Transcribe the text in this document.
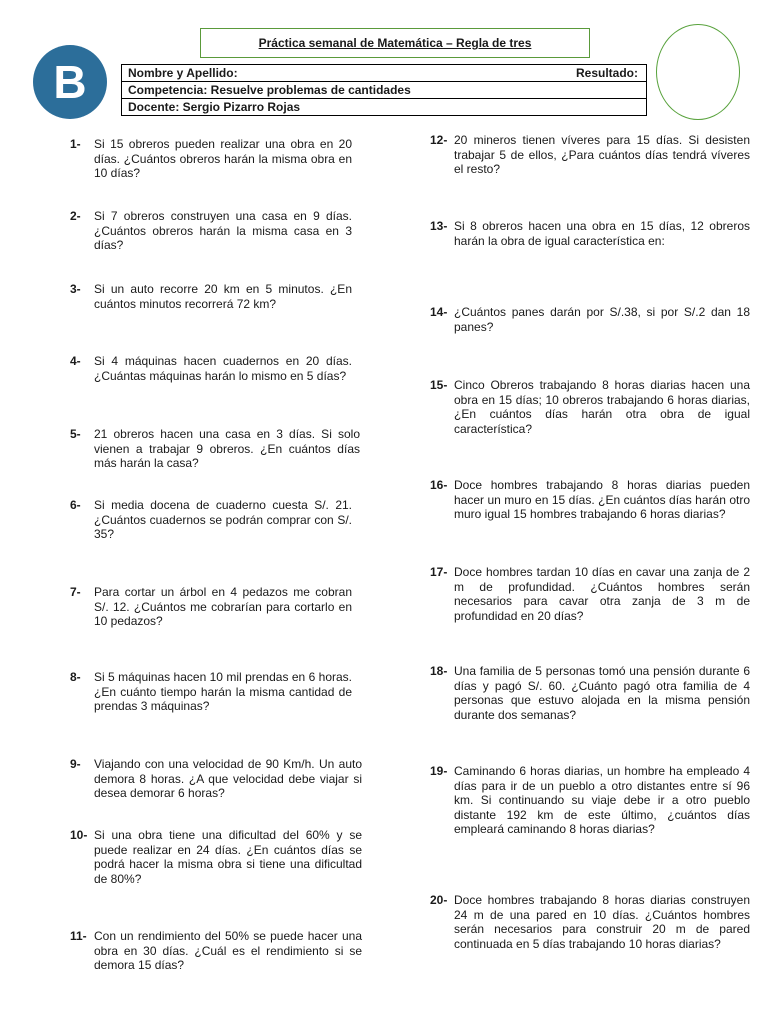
B
Práctica semanal de Matemática – Regla de tres
Nombre y Apellido:	Resultado:
Competencia: Resuelve problemas de cantidades
Docente: Sergio Pizarro Rojas
1-	Si 15 obreros pueden realizar una obra en 20 días. ¿Cuántos obreros harán la misma obra en 10 días?
2-	Si 7 obreros construyen una casa en 9 días. ¿Cuántos obreros harán la misma casa en 3 días?
3-	Si un auto recorre 20 km en 5 minutos. ¿En cuántos minutos recorrerá 72 km?
4-	Si 4 máquinas hacen cuadernos en 20 días. ¿Cuántas máquinas harán lo mismo en 5 días?
5-	21 obreros hacen una casa en 3 días. Si solo vienen a trabajar 9 obreros. ¿En cuántos días más harán la casa?
6-	Si media docena de cuaderno cuesta S/. 21. ¿Cuántos cuadernos se podrán comprar con S/. 35?
7-	Para cortar un árbol en 4 pedazos me cobran S/. 12. ¿Cuántos me cobrarían para cortarlo en 10 pedazos?
8-	Si 5 máquinas hacen 10 mil prendas en 6 horas. ¿En cuánto tiempo harán la misma cantidad de prendas 3 máquinas?
9-	Viajando con una velocidad de 90 Km/h. Un auto demora 8 horas. ¿A que velocidad debe viajar si desea demorar 6 horas?
10- Si una obra tiene una dificultad del 60% y se puede realizar en 24 días. ¿En cuántos días se podrá hacer la misma obra si tiene una dificultad de 80%?
11- Con un rendimiento del 50% se puede hacer una obra en 30 días. ¿Cuál es el rendimiento si se demora 15 días?
12- 20 mineros tienen víveres para 15 días. Si desisten trabajar 5 de ellos, ¿Para cuántos días tendrá víveres el resto?
13- Si 8 obreros hacen una obra en 15 días, 12 obreros harán la obra de igual característica en:
14- ¿Cuántos panes darán por S/.38, si por S/.2 dan 18 panes?
15- Cinco Obreros trabajando 8 horas diarias hacen una obra en 15 días; 10 obreros trabajando 6 horas diarias, ¿En cuántos días harán otra obra de igual característica?
16- Doce hombres trabajando 8 horas diarias pueden hacer un muro en 15 días. ¿En cuántos días harán otro muro igual 15 hombres trabajando 6 horas diarias?
17- Doce hombres tardan 10 días en cavar una zanja de 2 m de profundidad. ¿Cuántos hombres serán necesarios para cavar otra zanja de 3 m de profundidad en 20 días?
18- Una familia de 5 personas tomó una pensión durante 6 días y pagó S/. 60. ¿Cuánto pagó otra familia de 4 personas que estuvo alojada en la misma pensión durante dos semanas?
19- Caminando 6 horas diarias, un hombre ha empleado 4 días para ir de un pueblo a otro distantes entre sí 96 km. Si continuando su viaje debe ir a otro pueblo distante 192 km de este último, ¿cuántos días empleará caminando 8 horas diarias?
20- Doce hombres trabajando 8 horas diarias construyen 24 m de una pared en 10 días. ¿Cuántos hombres serán necesarios para construir 20 m de pared continuada en 5 días trabajando 10 horas diarias?
